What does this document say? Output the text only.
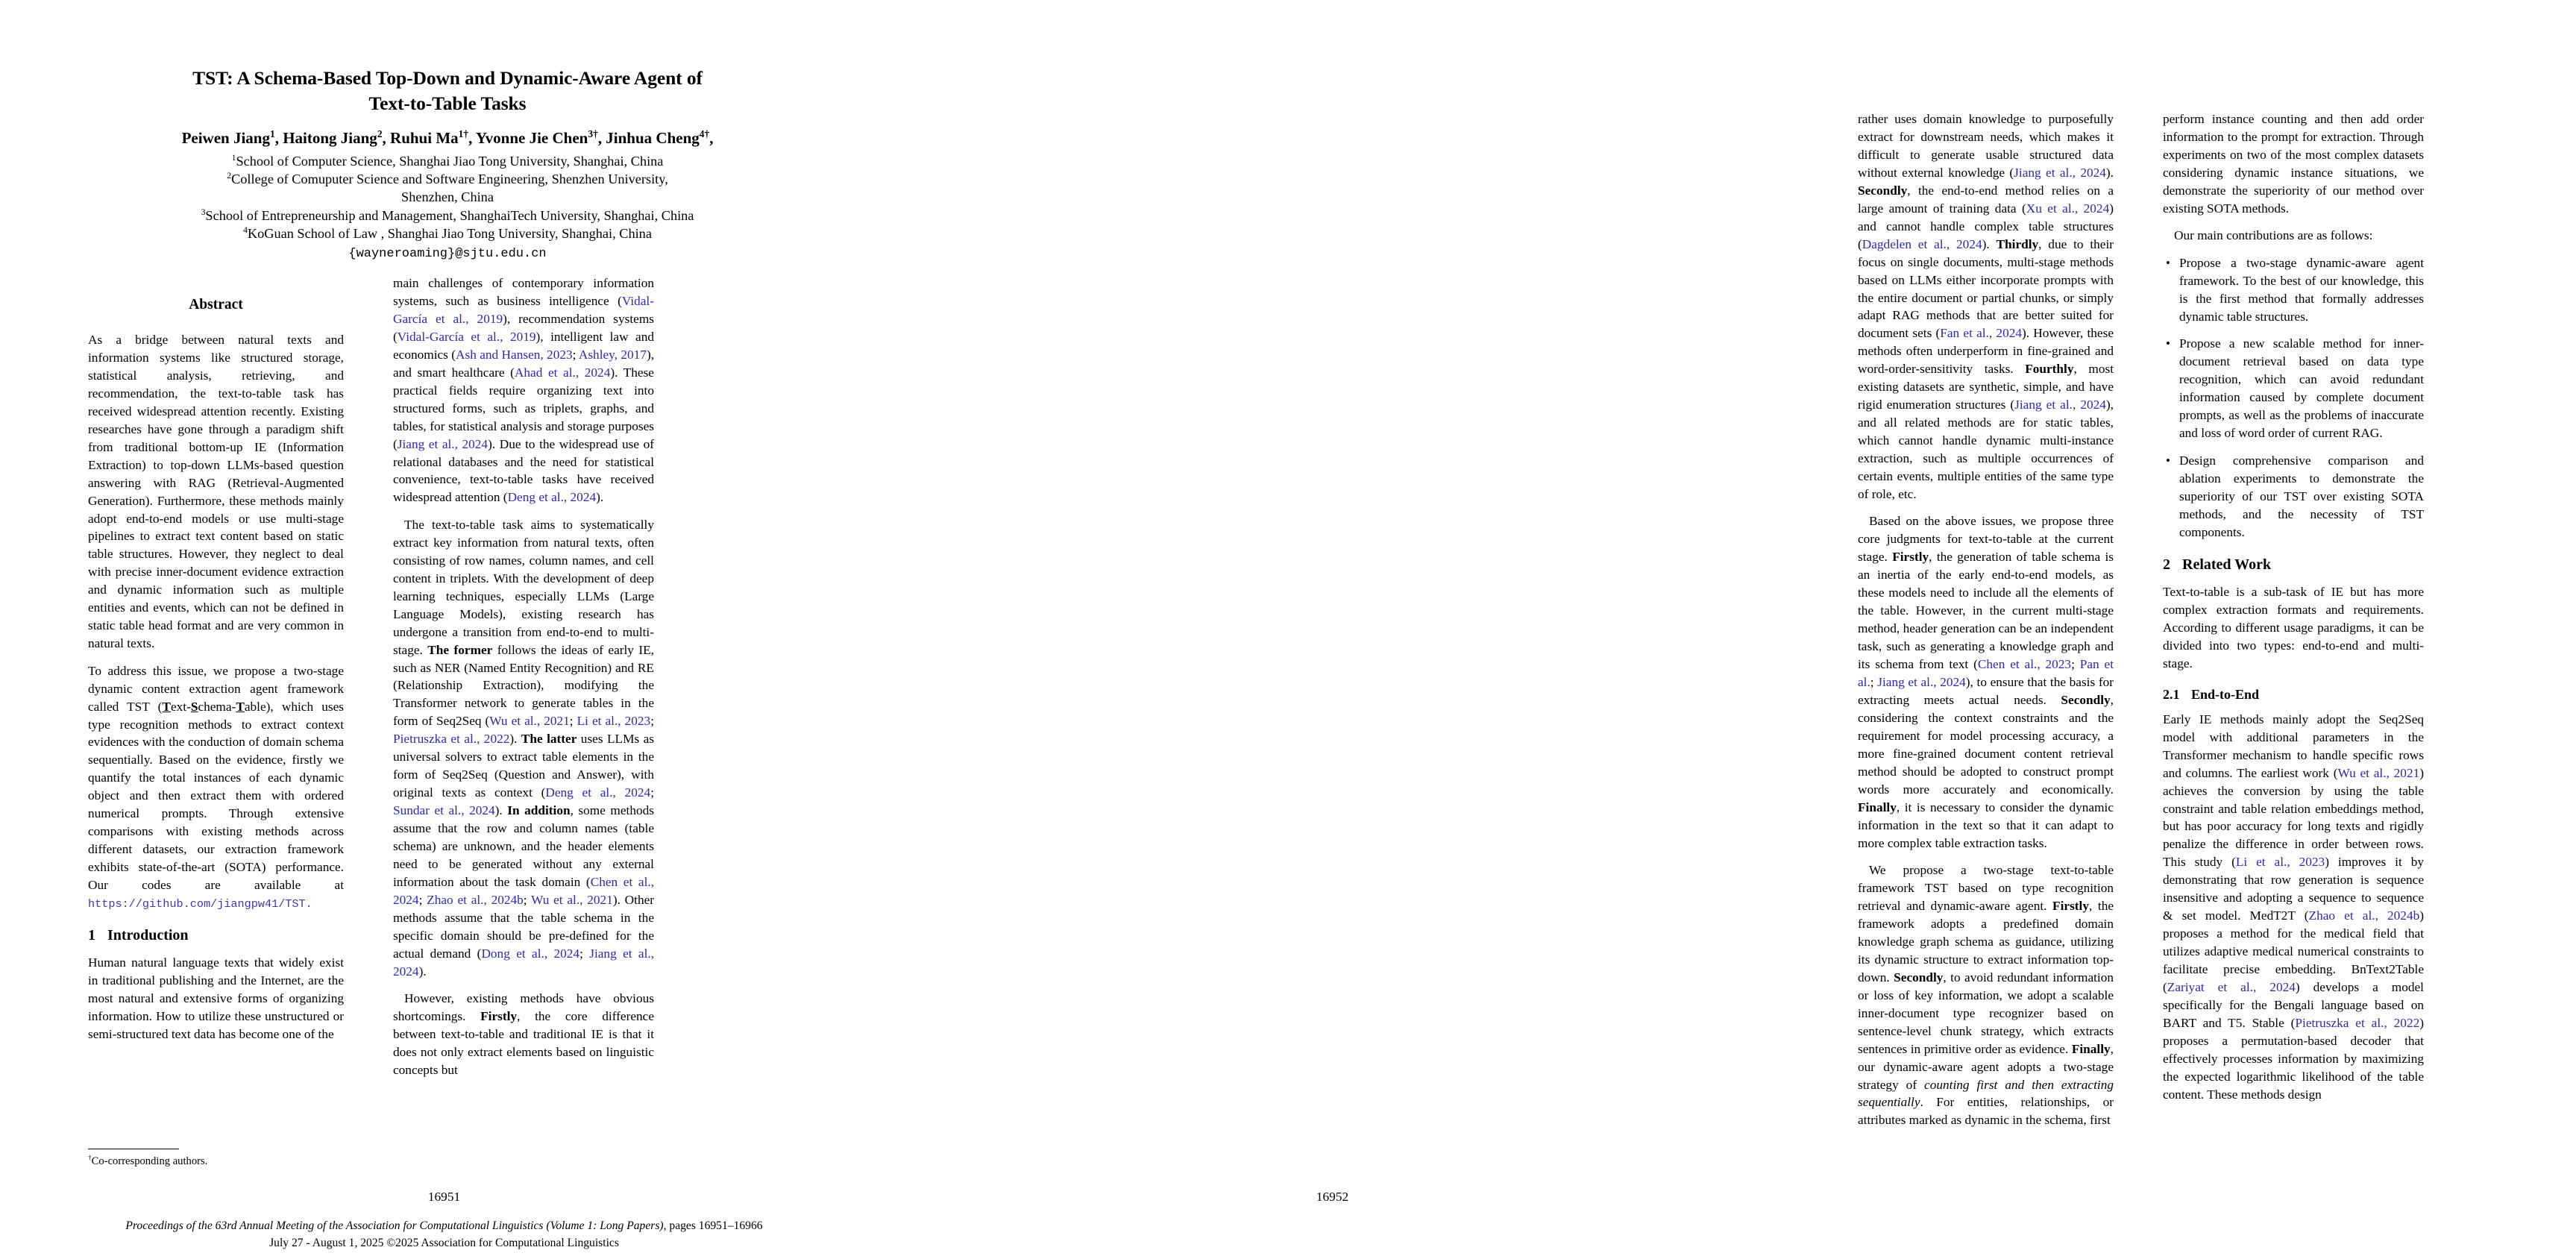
TST: A Schema-Based Top-Down and Dynamic-Aware Agent of
Text-to-Table Tasks
Peiwen Jiang$^1$, Haitong Jiang$^2$, Ruhui $Ma^{1\dagger}$, Yvonne Jie Chen$^{3\dagger}$, Jinhua Cheng$^{4\dagger}$,
$^1$School of Computer Science, Shanghai Jiao Tong University, Shanghai, China
$^2$College of Comuputer Science and Software Engineering, Shenzhen University,
Shenzhen, China
$^3$School of Entrepreneurship and Management, ShanghaiTech University, Shanghai, China
$^4$KoGuan School of Law , Shanghai Jiao Tong University, Shanghai, China
{wayneroaming}@sjtu.edu.cn
Abstract

As a bridge between natural texts and information systems like structured storage, statistical analysis, retrieving, and recommendation, the text-to-table task has received widespread attention recently. Existing researches have gone through a paradigm shift from traditional bottom-up IE (Information Extraction) to top-down LLMs-based question answering with RAG (Retrieval-Augmented Generation). Furthermore, these methods mainly adopt end-to-end models or use multi-stage pipelines to extract text content based on static table structures. However, they neglect to deal with precise inner-document evidence extraction and dynamic information such as multiple entities and events, which can not be defined in static table head format and are very common in natural texts.

To address this issue, we propose a two-stage dynamic content extraction agent framework called TST (Text-Schema-Table), which uses type recognition methods to extract context evidences with the conduction of domain schema sequentially. Based on the evidence, firstly we quantify the total instances of each dynamic object and then extract them with ordered numerical prompts. Through extensive comparisons with existing methods across different datasets, our extraction framework exhibits state-of-the-art (SOTA) performance. Our codes are available at https://github.com/jiangpw41/TST.

1 Introduction

Human natural language texts that widely exist in traditional publishing and the Internet, are the most natural and extensive forms of organizing information. How to utilize these unstructured or semi-structured text data has become one of the

main challenges of contemporary information systems, such as business intelligence (Vidal-García et al., 2019), recommendation systems (Vidal-García et al., 2019), intelligent law and economics (Ash and Hansen, 2023; Ashley, 2017), and smart healthcare (Ahad et al., 2024). These practical fields require organizing text into structured forms, such as triplets, graphs, and tables, for statistical analysis and storage purposes (Jiang et al., 2024). Due to the widespread use of relational databases and the need for statistical convenience, text-to-table tasks have received widespread attention (Deng et al., 2024).

The text-to-table task aims to systematically extract key information from natural texts, often consisting of row names, column names, and cell content in triplets. With the development of deep learning techniques, especially LLMs (Large Language Models), existing research has undergone a transition from end-to-end to multi-stage. The former follows the ideas of early IE, such as NER (Named Entity Recognition) and RE (Relationship Extraction), modifying the Transformer network to generate tables in the form of Seq2Seq (Wu et al., 2021; Li et al., 2023; Pietruszka et al., 2022). The latter uses LLMs as universal solvers to extract table elements in the form of Seq2Seq (Question and Answer), with original texts as context (Deng et al., 2024; Sundar et al., 2024). In addition, some methods assume that the row and column names (table schema) are unknown, and the header elements need to be generated without any external information about the task domain (Chen et al., 2024; Zhao et al., 2024b; Wu et al., 2021). Other methods assume that the table schema in the specific domain should be pre-defined for the actual demand (Dong et al., 2024; Jiang et al., 2024).

However, existing methods have obvious shortcomings. Firstly, the core difference between text-to-table and traditional IE is that it does not only extract elements based on linguistic concepts but

†Co-corresponding authors.
16951
Proceedings of the 63rd Annual Meeting of the Association for Computational Linguistics (Volume 1: Long Papers), pages 16951–16966
July 27 - August 1, 2025 ©2025 Association for Computational Linguistics

rather uses domain knowledge to purposefully extract for downstream needs, which makes it difficult to generate usable structured data without external knowledge (Jiang et al., 2024). Secondly, the end-to-end method relies on a large amount of training data (Xu et al., 2024) and cannot handle complex table structures (Dagdelen et al., 2024). Thirdly, due to their focus on single documents, multi-stage methods based on LLMs either incorporate prompts with the entire document or partial chunks, or simply adapt RAG methods that are better suited for document sets (Fan et al., 2024). However, these methods often underperform in fine-grained and word-order-sensitivity tasks. Fourthly, most existing datasets are synthetic, simple, and have rigid enumeration structures (Jiang et al., 2024), and all related methods are for static tables, which cannot handle dynamic multi-instance extraction, such as multiple occurrences of certain events, multiple entities of the same type of role, etc.

Based on the above issues, we propose three core judgments for text-to-table at the current stage. Firstly, the generation of table schema is an inertia of the early end-to-end models, as these models need to include all the elements of the table. However, in the current multi-stage method, header generation can be an independent task, such as generating a knowledge graph and its schema from text (Chen et al., 2023; Pan et al.; Jiang et al., 2024), to ensure that the basis for extracting meets actual needs. Secondly, considering the context constraints and the requirement for model processing accuracy, a more fine-grained document content retrieval method should be adopted to construct prompt words more accurately and economically. Finally, it is necessary to consider the dynamic information in the text so that it can adapt to more complex table extraction tasks.

We propose a two-stage text-to-table framework TST based on type recognition retrieval and dynamic-aware agent. Firstly, the framework adopts a predefined domain knowledge graph schema as guidance, utilizing its dynamic structure to extract information top-down. Secondly, to avoid redundant information or loss of key information, we adopt a scalable inner-document type recognizer based on sentence-level chunk strategy, which extracts sentences in primitive order as evidence. Finally, our dynamic-aware agent adopts a two-stage strategy of counting first and then extracting sequentially. For entities, relationships, or attributes marked as dynamic in the schema, first

perform instance counting and then add order information to the prompt for extraction. Through experiments on two of the most complex datasets considering dynamic instance situations, we demonstrate the superiority of our method over existing SOTA methods.

Our main contributions are as follows:

• Propose a two-stage dynamic-aware agent framework. To the best of our knowledge, this is the first method that formally addresses dynamic table structures.
• Propose a new scalable method for inner-document retrieval based on data type recognition, which can avoid redundant information caused by complete document prompts, as well as the problems of inaccurate and loss of word order of current RAG.
• Design comprehensive comparison and ablation experiments to demonstrate the superiority of our TST over existing SOTA methods, and the necessity of TST components.
2 Related Work

Text-to-table is a sub-task of IE but has more complex extraction formats and requirements. According to different usage paradigms, it can be divided into two types: end-to-end and multi-stage.

2.1 End-to-End

Early IE methods mainly adopt the Seq2Seq model with additional parameters in the Transformer mechanism to handle specific rows and columns. The earliest work (Wu et al., 2021) achieves the conversion by using the table constraint and table relation embeddings method, but has poor accuracy for long texts and rigidly penalize the difference in order between rows. This study (Li et al., 2023) improves it by demonstrating that row generation is sequence insensitive and adopting a sequence to sequence & set model. MedT2T (Zhao et al., 2024b) proposes a method for the medical field that utilizes adaptive medical numerical constraints to facilitate precise embedding. BnText2Table (Zariyat et al., 2024) develops a model specifically for the Bengali language based on BART and T5. Stable (Pietruszka et al., 2022) proposes a permutation-based decoder that effectively processes information by maximizing the expected logarithmic likelihood of the table content. These methods design

16952
